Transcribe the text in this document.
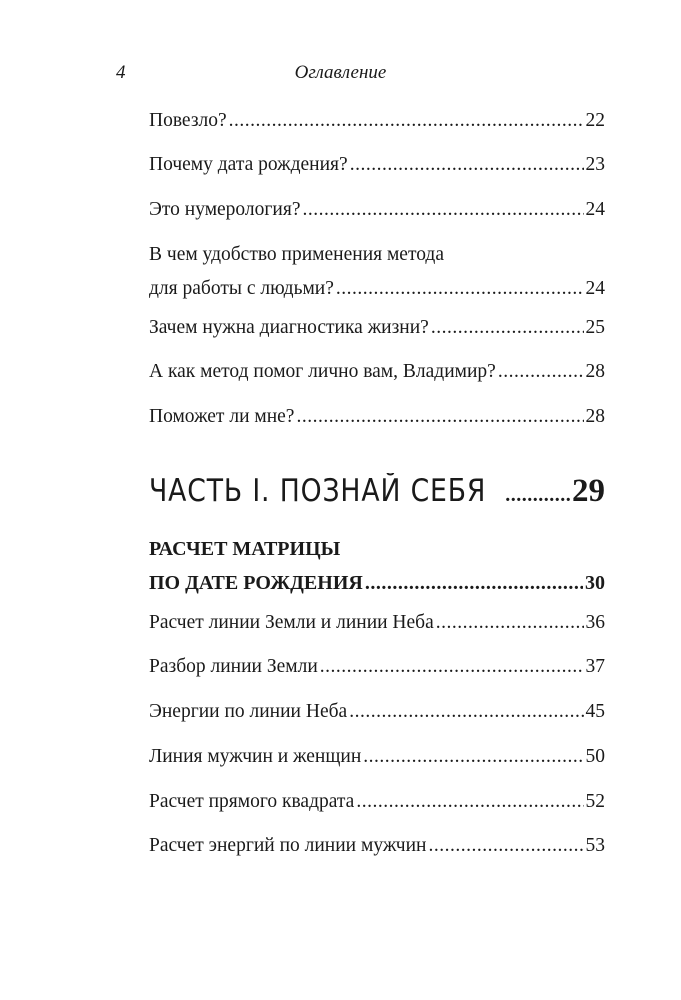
4	Оглавление
Повезло? .....	22
Почему дата рождения? .....	23
Это нумерология? .....	24
В чем удобство применения метода
для работы с людьми? .....	24
Зачем нужна диагностика жизни? .....	25
А как метод помог лично вам, Владимир? .....	28
Поможет ли мне? .....	28
ЧАСТЬ I. ПОЗНАЙ СЕБЯ .....	29
РАСЧЕТ МАТРИЦЫ
ПО ДАТЕ РОЖДЕНИЯ .....	30
Расчет линии Земли и линии Неба .....	36
Разбор линии Земли .....	37
Энергии по линии Неба .....	45
Линия мужчин и женщин .....	50
Расчет прямого квадрата .....	52
Расчет энергий по линии мужчин .....	53
